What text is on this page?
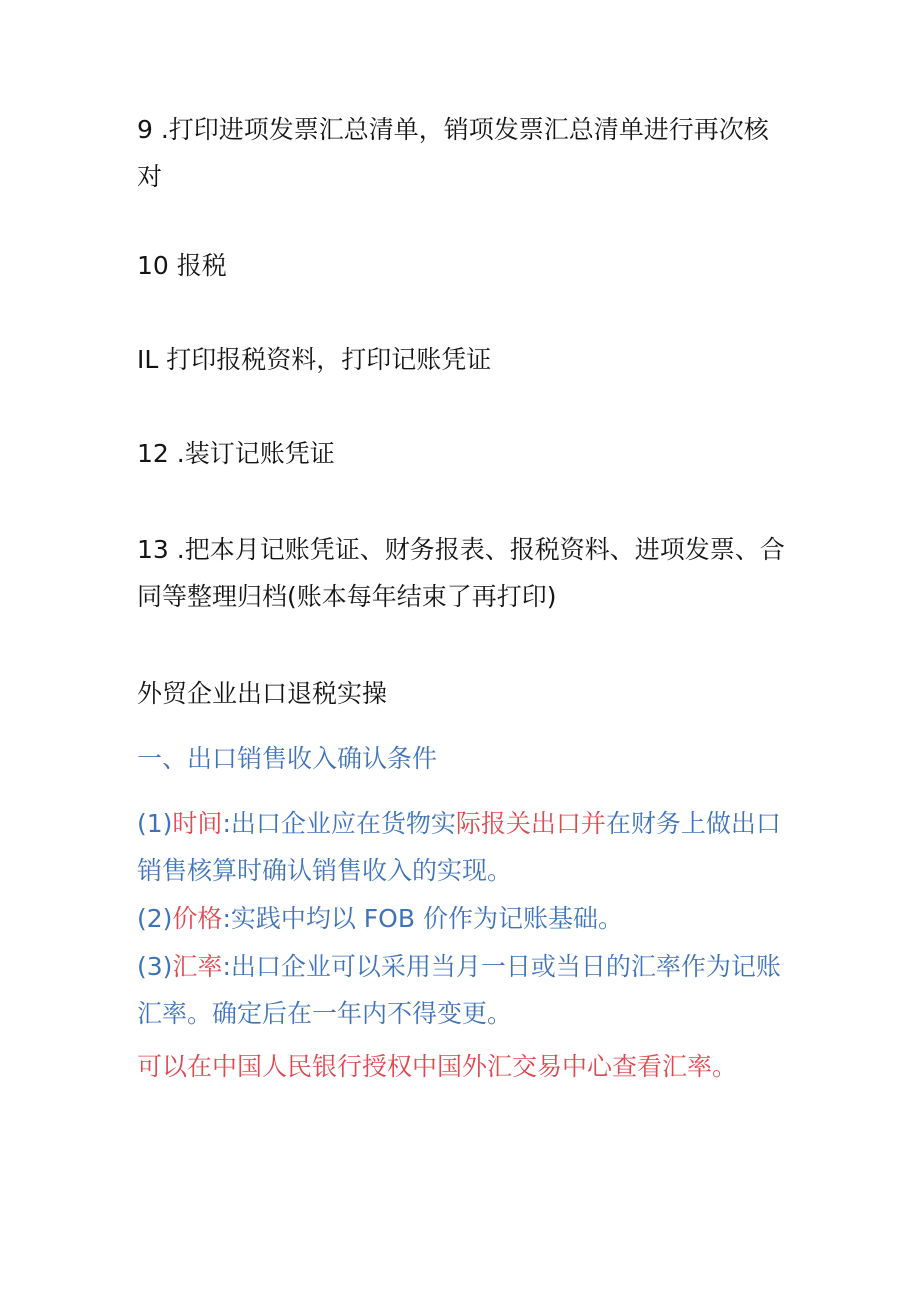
9 .打印进项发票汇总清单，销项发票汇总清单进行再次核对

10 报税

IL 打印报税资料，打印记账凭证

12 .装订记账凭证

13 .把本月记账凭证、财务报表、报税资料、进项发票、合同等整理归档(账本每年结束了再打印)

外贸企业出口退税实操

一、出口销售收入确认条件

(1)时间:出口企业应在货物实际报关出口并在财务上做出口销售核算时确认销售收入的实现。

(2)价格:实践中均以 FOB 价作为记账基础。

(3)汇率:出口企业可以采用当月一日或当日的汇率作为记账汇率。确定后在一年内不得变更。

可以在中国人民银行授权中国外汇交易中心查看汇率。
